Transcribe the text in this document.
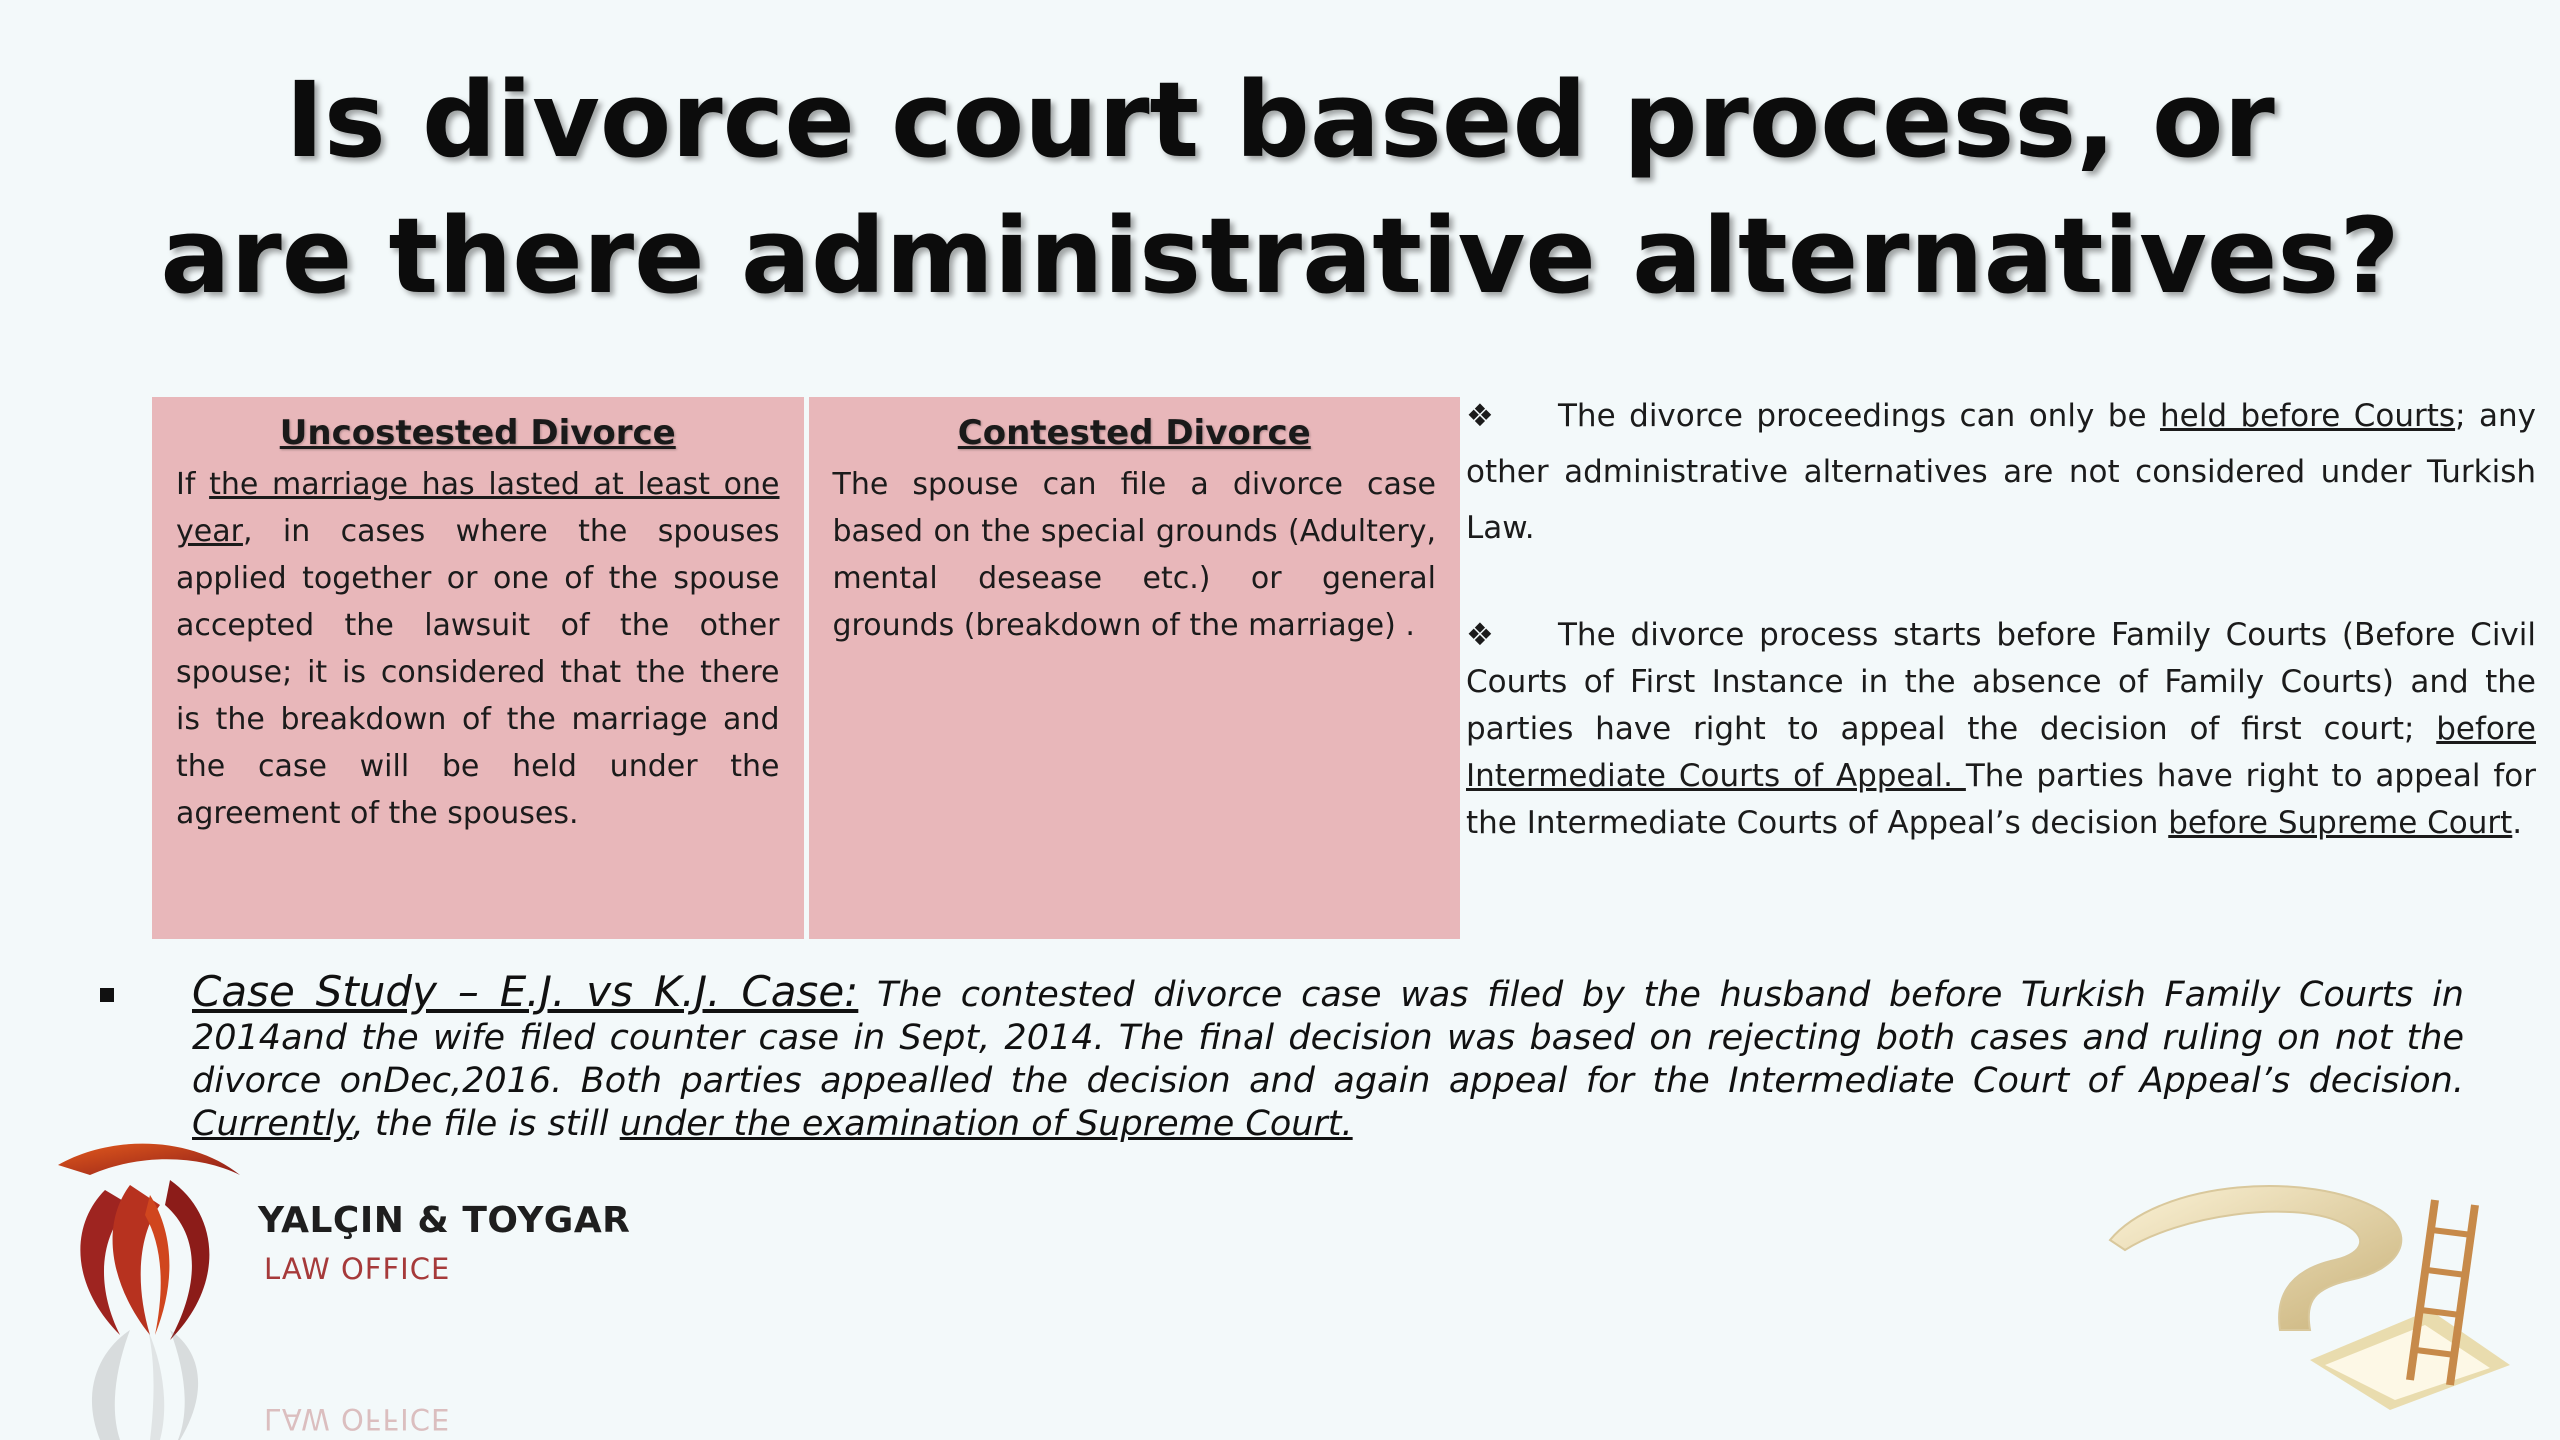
Is divorce court based process, or
are there administrative alternatives?
Uncostested Divorce

If the marriage has lasted at least one year, in cases where the spouses applied together or one of the spouse accepted the lawsuit of the other spouse; it is considered that the there is the breakdown of the marriage and the case will be held under the agreement of the spouses.

Contested Divorce

The spouse can file a divorce case based on the special grounds (Adultery, mental desease etc.) or general grounds (breakdown of the marriage) .

❖ The divorce proceedings can only be held before Courts; any other administrative alternatives are not considered under Turkish Law.

❖ The divorce process starts before Family Courts (Before Civil Courts of First Instance in the absence of Family Courts) and the parties have right to appeal the decision of first court; before Intermediate Courts of Appeal. The parties have right to appeal for the Intermediate Courts of Appeal’s decision before Supreme Court.

Case Study – E.J. vs K.J. Case: The contested divorce case was filed by the husband before Turkish Family Courts in 2014and the wife filed counter case in Sept, 2014. The final decision was based on rejecting both cases and ruling on not the divorce onDec,2016. Both parties appealled the decision and again appeal for the Intermediate Court of Appeal’s decision. Currently, the file is still under the examination of Supreme Court.
YALÇIN & TOYGAR
LAW OFFICE
LAW OFFICE
